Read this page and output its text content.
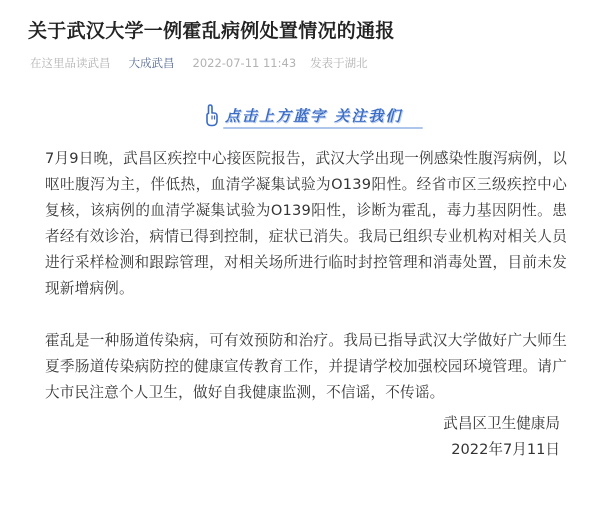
关于武汉大学一例霍乱病例处置情况的通报
在这里品读武昌 大成武昌 2022-07-11 11:43 发表于湖北
点击上方蓝字 关注我们

7月9日晚，武昌区疾控中心接医院报告，武汉大学出现一例感染性腹泻病例，以呕吐腹泻为主，伴低热，血清学凝集试验为O139阳性。经省市区三级疾控中心复核，该病例的血清学凝集试验为O139阳性，诊断为霍乱，毒力基因阴性。患者经有效诊治，病情已得到控制，症状已消失。我局已组织专业机构对相关人员进行采样检测和跟踪管理，对相关场所进行临时封控管理和消毒处置，目前未发现新增病例。

霍乱是一种肠道传染病，可有效预防和治疗。我局已指导武汉大学做好广大师生夏季肠道传染病防控的健康宣传教育工作，并提请学校加强校园环境管理。请广大市民注意个人卫生，做好自我健康监测，不信谣，不传谣。

武昌区卫生健康局
2022年7月11日
